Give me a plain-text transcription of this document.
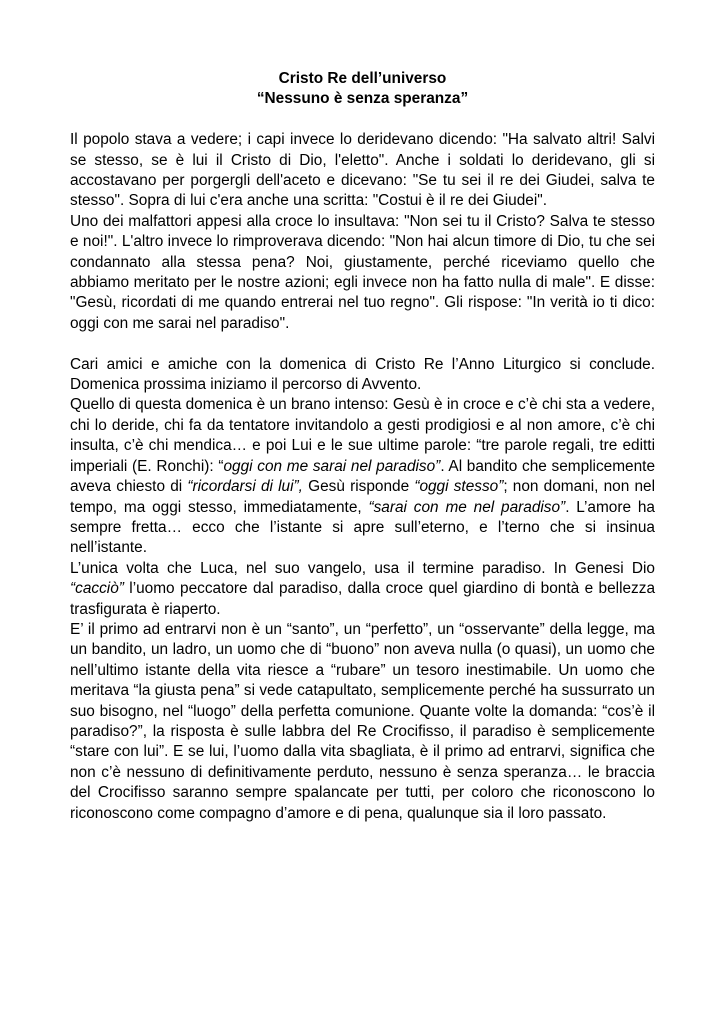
Cristo Re dell’universo
“Nessuno è senza speranza”

Il popolo stava a vedere; i capi invece lo deridevano dicendo: "Ha salvato altri! Salvi se stesso, se è lui il Cristo di Dio, l'eletto". Anche i soldati lo deridevano, gli si accostavano per porgergli dell'aceto e dicevano: "Se tu sei il re dei Giudei, salva te stesso". Sopra di lui c'era anche una scritta: "Costui è il re dei Giudei".

Uno dei malfattori appesi alla croce lo insultava: "Non sei tu il Cristo? Salva te stesso e noi!". L'altro invece lo rimproverava dicendo: "Non hai alcun timore di Dio, tu che sei condannato alla stessa pena? Noi, giustamente, perché riceviamo quello che abbiamo meritato per le nostre azioni; egli invece non ha fatto nulla di male". E disse: "Gesù, ricordati di me quando entrerai nel tuo regno". Gli rispose: "In verità io ti dico: oggi con me sarai nel paradiso".

Cari amici e amiche con la domenica di Cristo Re l’Anno Liturgico si conclude. Domenica prossima iniziamo il percorso di Avvento.

Quello di questa domenica è un brano intenso: Gesù è in croce e c’è chi sta a vedere, chi lo deride, chi fa da tentatore invitandolo a gesti prodigiosi e al non amore, c’è chi insulta, c’è chi mendica… e poi Lui e le sue ultime parole: “tre parole regali, tre editti imperiali (E. Ronchi): “oggi con me sarai nel paradiso”. Al bandito che semplicemente aveva chiesto di “ricordarsi di lui”, Gesù risponde “oggi stesso”; non domani, non nel tempo, ma oggi stesso, immediatamente, “sarai con me nel paradiso”. L’amore ha sempre fretta… ecco che l’istante si apre sull’eterno, e l’terno che si insinua nell’istante.

L’unica volta che Luca, nel suo vangelo, usa il termine paradiso. In Genesi Dio “cacciò” l’uomo peccatore dal paradiso, dalla croce quel giardino di bontà e bellezza trasfigurata è riaperto.

E’ il primo ad entrarvi non è un “santo”, un “perfetto”, un “osservante” della legge, ma un bandito, un ladro, un uomo che di “buono” non aveva nulla (o quasi), un uomo che nell’ultimo istante della vita riesce a “rubare” un tesoro inestimabile. Un uomo che meritava “la giusta pena” si vede catapultato, semplicemente perché ha sussurrato un suo bisogno, nel “luogo” della perfetta comunione. Quante volte la domanda: “cos’è il paradiso?”, la risposta è sulle labbra del Re Crocifisso, il paradiso è semplicemente “stare con lui”. E se lui, l’uomo dalla vita sbagliata, è il primo ad entrarvi, significa che non c’è nessuno di definitivamente perduto, nessuno è senza speranza… le braccia del Crocifisso saranno sempre spalancate per tutti, per coloro che riconoscono lo riconoscono come compagno d’amore e di pena, qualunque sia il loro passato.
